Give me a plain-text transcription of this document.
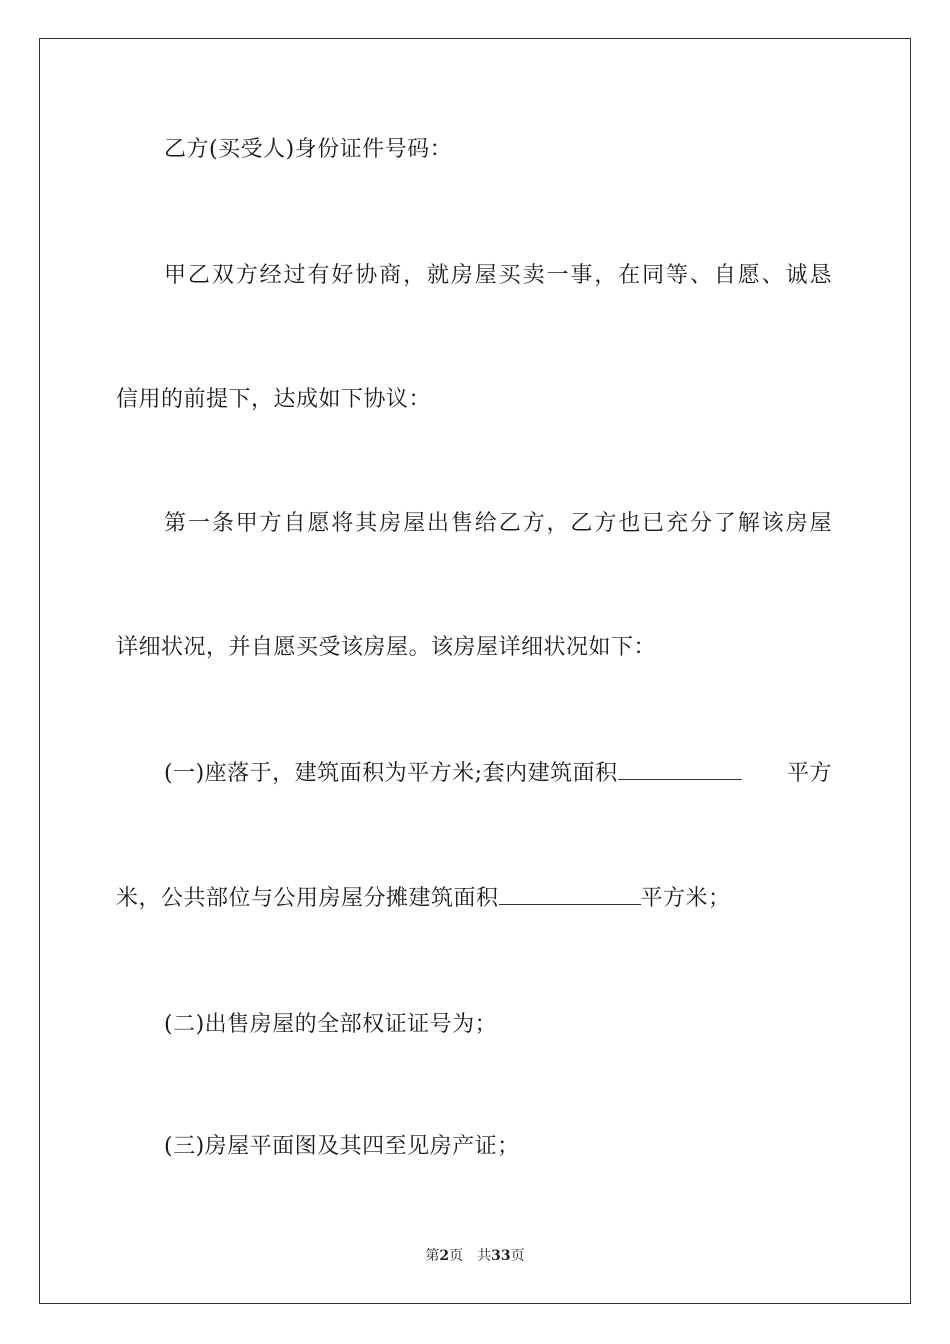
乙方(买受人)身份证件号码：
甲乙双方经过有好协商，就房屋买卖一事，在同等、自愿、诚恳
信用的前提下，达成如下协议：
第一条甲方自愿将其房屋出售给乙方，乙方也已充分了解该房屋
详细状况，并自愿买受该房屋。该房屋详细状况如下：
(一)座落于，建筑面积为平方米;套内建筑面积	平方
米，公共部位与公用房屋分摊建筑面积	平方米；
(二)出售房屋的全部权证证号为；
(三)房屋平面图及其四至见房产证；
第2页 共33页
